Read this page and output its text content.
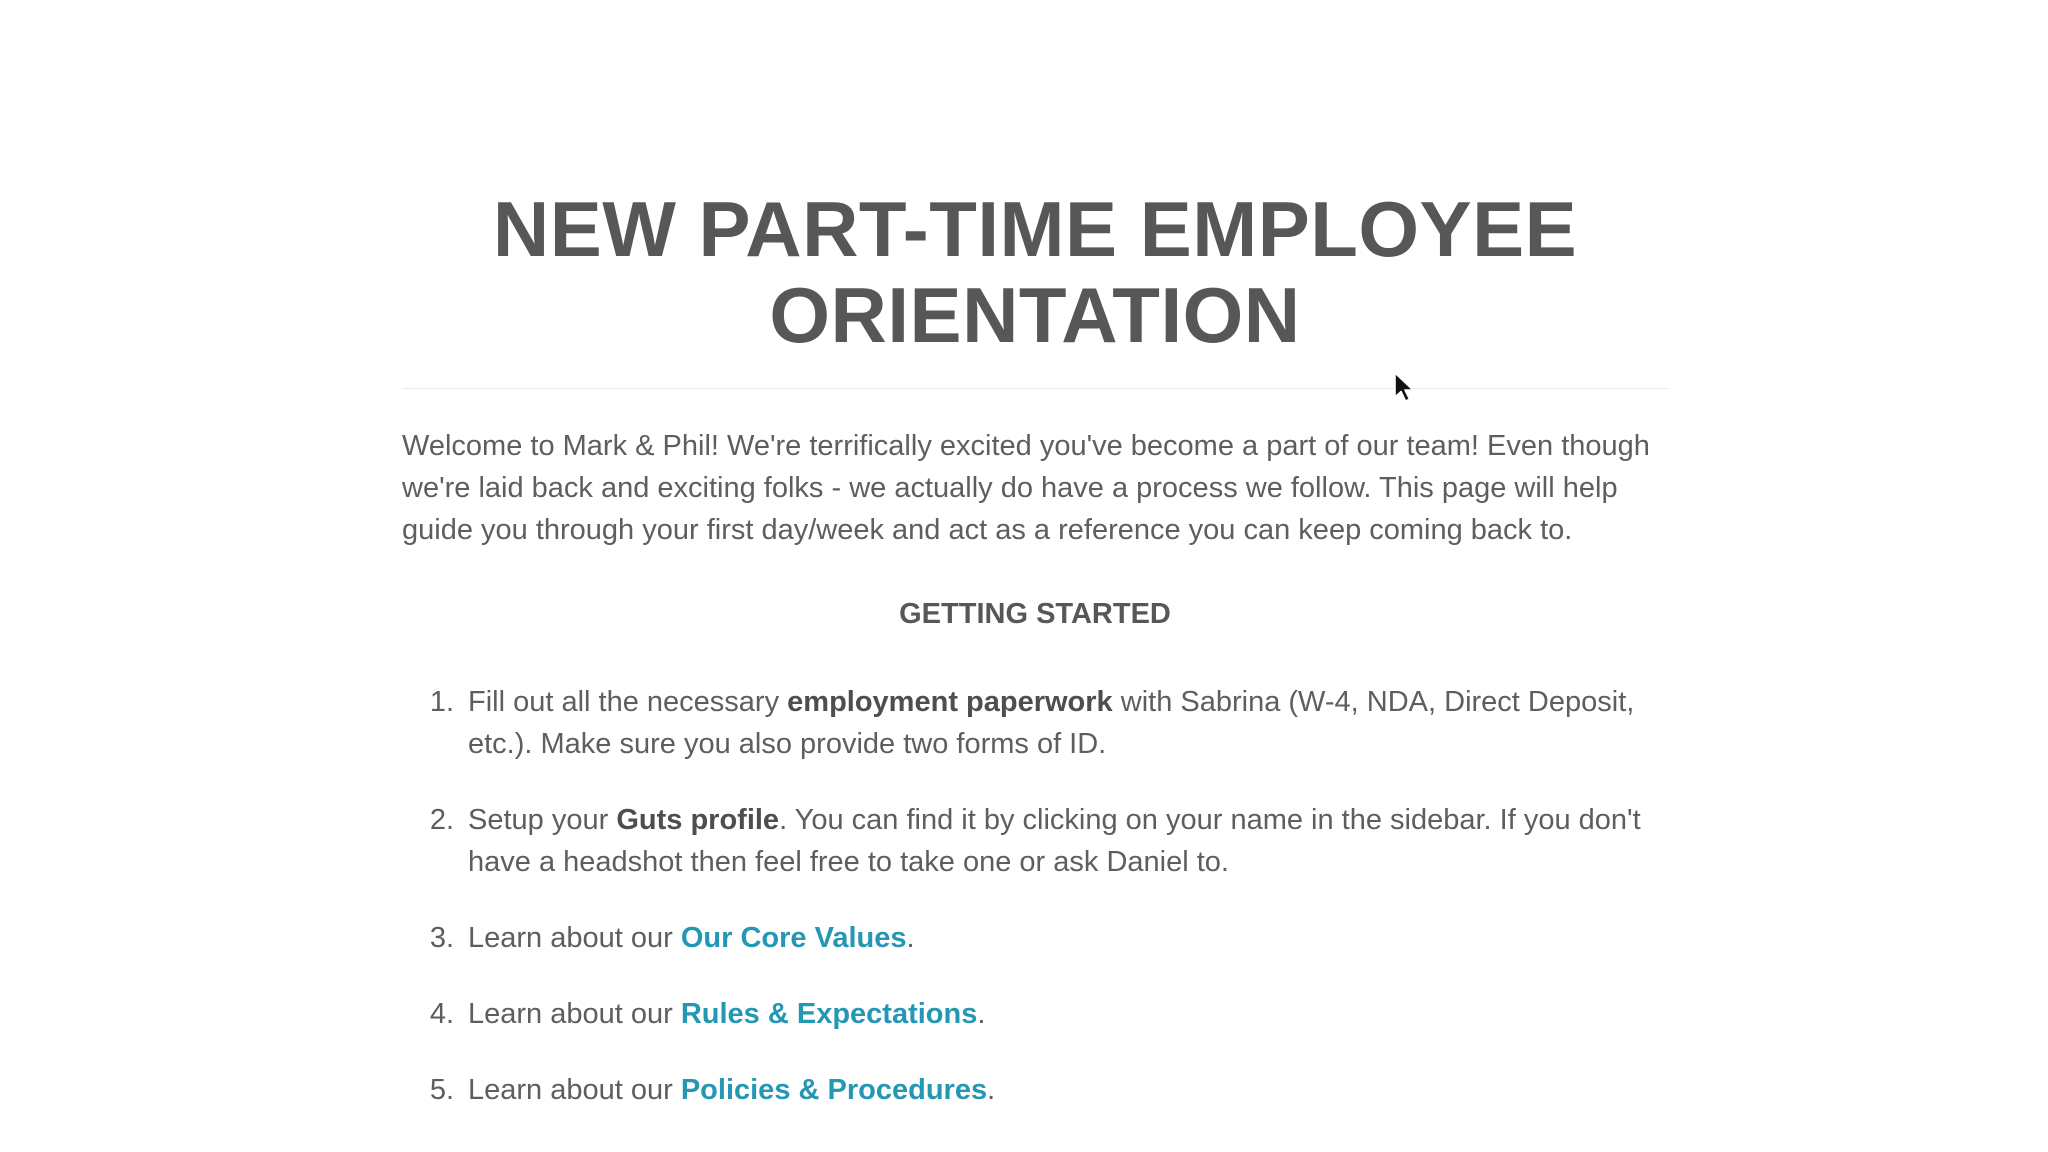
NEW PART-TIME EMPLOYEE ORIENTATION

Welcome to Mark & Phil! We're terrifically excited you've become a part of our team! Even though we're laid back and exciting folks - we actually do have a process we follow. This page will help guide you through your first day/week and act as a reference you can keep coming back to.

GETTING STARTED
1. Fill out all the necessary employment paperwork with Sabrina (W-4, NDA, Direct Deposit, etc.). Make sure you also provide two forms of ID.
2. Setup your Guts profile. You can find it by clicking on your name in the sidebar. If you don't have a headshot then feel free to take one or ask Daniel to.
3. Learn about our Our Core Values.
4. Learn about our Rules & Expectations.
5. Learn about our Policies & Procedures.
